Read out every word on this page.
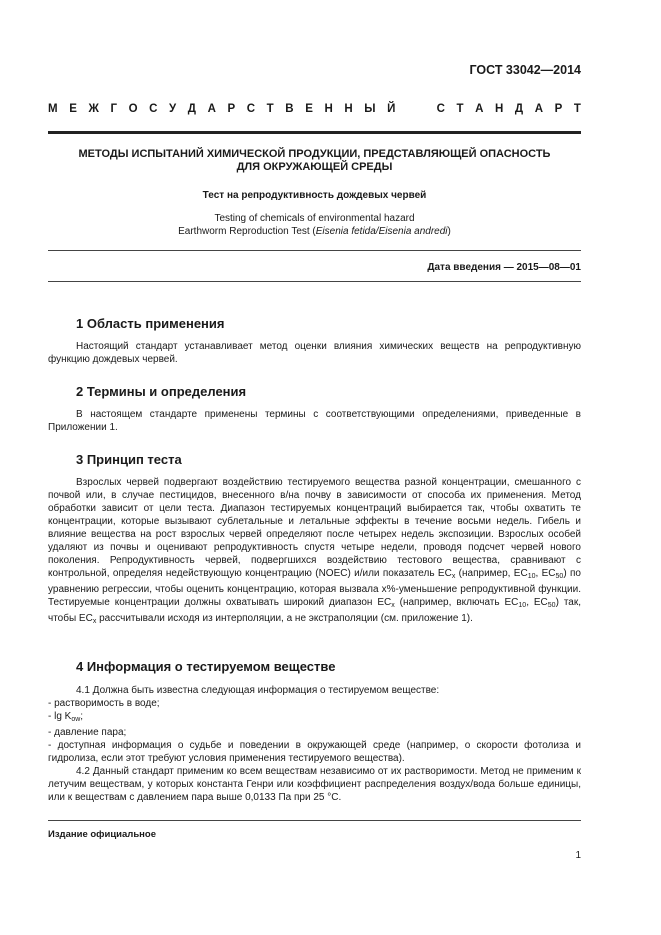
ГОСТ 33042—2014
М Е Ж Г О С У Д А Р С Т В Е Н Н Ы Й

	С Т А Н Д А Р Т
МЕТОДЫ ИСПЫТАНИЙ ХИМИЧЕСКОЙ ПРОДУКЦИИ, ПРЕДСТАВЛЯЮЩЕЙ ОПАСНОСТЬ
ДЛЯ ОКРУЖАЮЩЕЙ СРЕДЫ
Тест на репродуктивность дождевых червей
Testing of chemicals of environmental hazard
Earthworm Reproduction Test (Eisenia fetida/Eisenia andredi)
Дата введения — 2015—08—01
1 Область применения
Настоящий стандарт устанавливает метод оценки влияния химических веществ на репродуктивную функцию дождевых червей.
2 Термины и определения
В настоящем стандарте применены термины с соответствующими определениями, приведенные в Приложении 1.
3 Принцип теста
Взрослых червей подвергают воздействию тестируемого вещества разной концентрации, смешанного с почвой или, в случае пестицидов, внесенного в/на почву в зависимости от способа их применения. Метод обработки зависит от цели теста. Диапазон тестируемых концентраций выбирается так, чтобы охватить те концентрации, которые вызывают сублетальные и летальные эффекты в течение восьми недель. Гибель и влияние вещества на рост взрослых червей определяют после четырех недель экспозиции. Взрослых особей удаляют из почвы и оценивают репродуктивность спустя четыре недели, проводя подсчет червей нового поколения. Репродуктивность червей, подвергшихся воздействию тестового вещества, сравнивают с контрольной, определяя недействующую концентрацию (NOEC) и/или показатель $EC_x$ (например, $EC_{10}$, $EC_{50}$) по уравнению регрессии, чтобы оценить концентрацию, которая вызвала x%-уменьшение репродуктивной функции. Тестируемые концентрации должны охватывать широкий диапазон $EC_x$ (например, включать $EC_{10}$, $EC_{50}$) так, чтобы $EC_x$ рассчитывали исходя из интерполяции, а не экстраполяции (см. приложение 1).
4 Информация о тестируемом веществе
4.1 Должна быть известна следующая информация о тестируемом веществе:
- растворимость в воде;
- $\lg K_{ow}$;
- давление пара;
- доступная информация о судьбе и поведении в окружающей среде (например, о скорости фотолиза и гидролиза, если этот требуют условия применения тестируемого вещества).
4.2 Данный стандарт применим ко всем веществам независимо от их растворимости. Метод не применим к летучим веществам, у которых константа Генри или коэффициент распределения воздух/вода больше единицы, или к веществам с давлением пара выше 0,0133 Па при 25 °С.
Издание официальное
1
